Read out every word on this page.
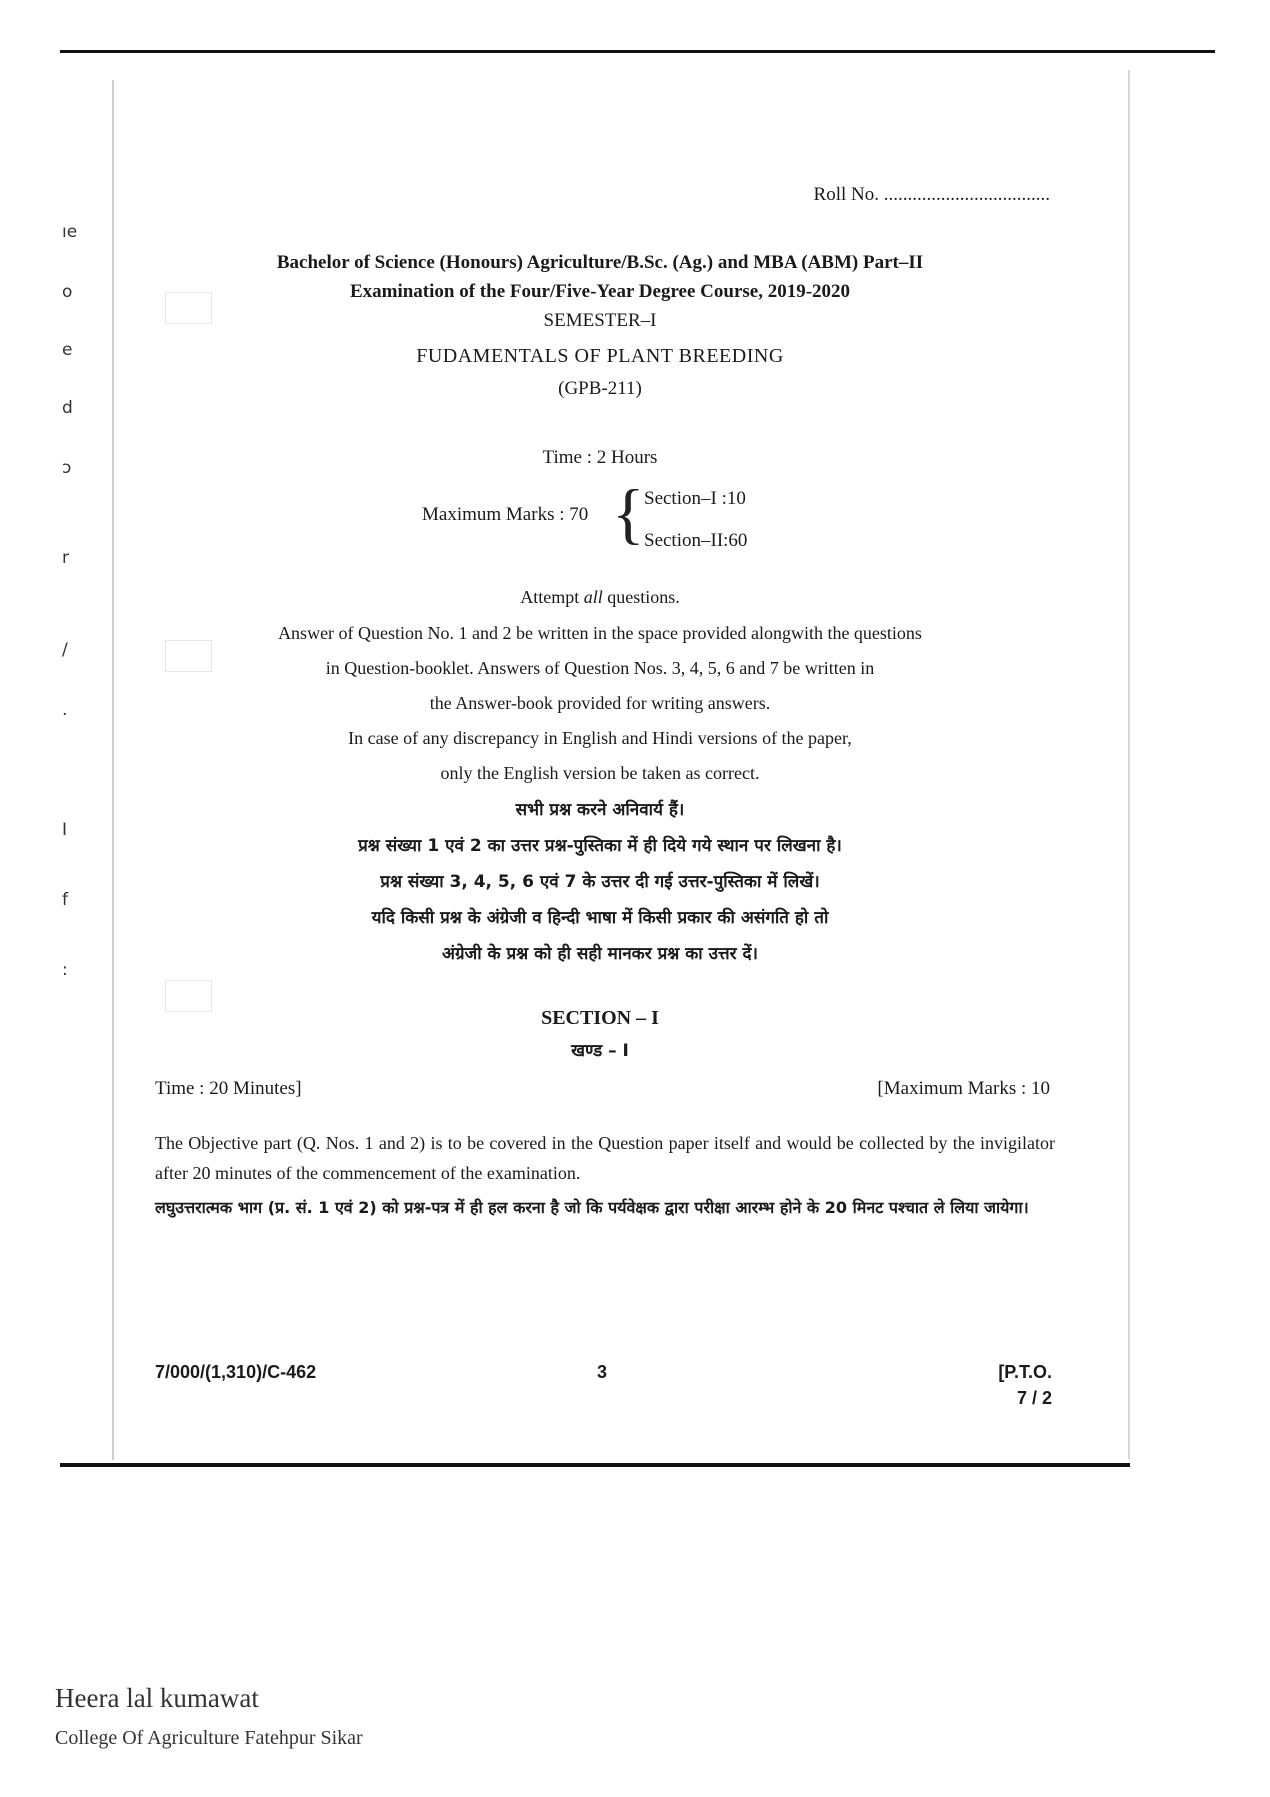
ıe
o
e
d
ɔ
r
/
.
I
f
:
Roll No. ...................................
Bachelor of Science (Honours) Agriculture/B.Sc. (Ag.) and MBA (ABM) Part–II
Examination of the Four/Five-Year Degree Course, 2019-2020
SEMESTER–I
FUDAMENTALS OF PLANT BREEDING
(GPB-211)
Time : 2 Hours
Maximum Marks : 70 { Section–I :10
Section–II:60
Attempt all questions.
Answer of Question No. 1 and 2 be written in the space provided alongwith the questions
in Question-booklet. Answers of Question Nos. 3, 4, 5, 6 and 7 be written in
the Answer-book provided for writing answers.
In case of any discrepancy in English and Hindi versions of the paper,
only the English version be taken as correct.
सभी प्रश्न करने अनिवार्य हैं।
प्रश्न संख्या 1 एवं 2 का उत्तर प्रश्न-पुस्तिका में ही दिये गये स्थान पर लिखना है।
प्रश्न संख्या 3, 4, 5, 6 एवं 7 के उत्तर दी गई उत्तर-पुस्तिका में लिखें।
यदि किसी प्रश्न के अंग्रेजी व हिन्दी भाषा में किसी प्रकार की असंगति हो तो
अंग्रेजी के प्रश्न को ही सही मानकर प्रश्न का उत्तर दें।
SECTION – I
खण्ड – I
Time : 20 Minutes]	[Maximum Marks : 10
The Objective part (Q. Nos. 1 and 2) is to be covered in the Question paper itself and would be collected by the invigilator after 20 minutes of the commencement of the examination.
लघुउत्तरात्मक भाग (प्र. सं. 1 एवं 2) को प्रश्न-पत्र में ही हल करना है जो कि पर्यवेक्षक द्वारा परीक्षा आरम्भ होने के 20 मिनट पश्चात ले लिया जायेगा।
7/000/(1,310)/C-462	3	[P.T.O.
7 / 2
Heera lal kumawat
College Of Agriculture Fatehpur Sikar
